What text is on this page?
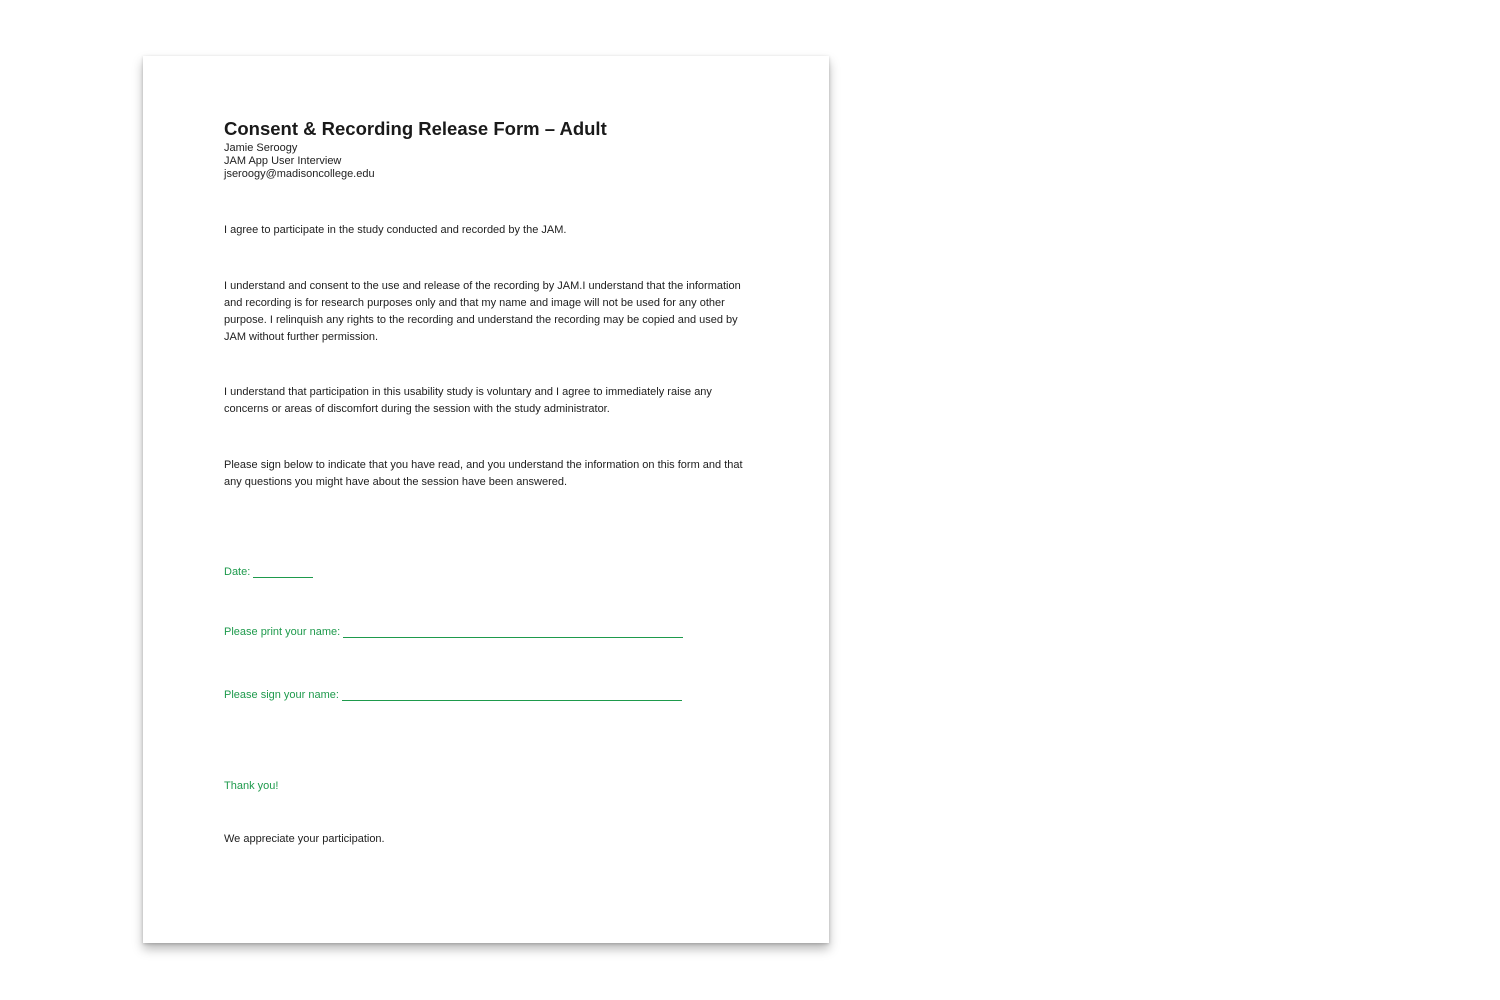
Consent & Recording Release Form – Adult
Jamie Seroogy
JAM App User Interview
jseroogy@madisoncollege.edu

I agree to participate in the study conducted and recorded by the JAM.

I understand and consent to the use and release of the recording by JAM.I understand that the information and recording is for research purposes only and that my name and image will not be used for any other purpose. I relinquish any rights to the recording and understand the recording may be copied and used by JAM without further permission.

I understand that participation in this usability study is voluntary and I agree to immediately raise any concerns or areas of discomfort during the session with the study administrator.

Please sign below to indicate that you have read, and you understand the information on this form and that any questions you might have about the session have been answered.

Date:
Please print your name:
Please sign your name:
Thank you!
We appreciate your participation.
